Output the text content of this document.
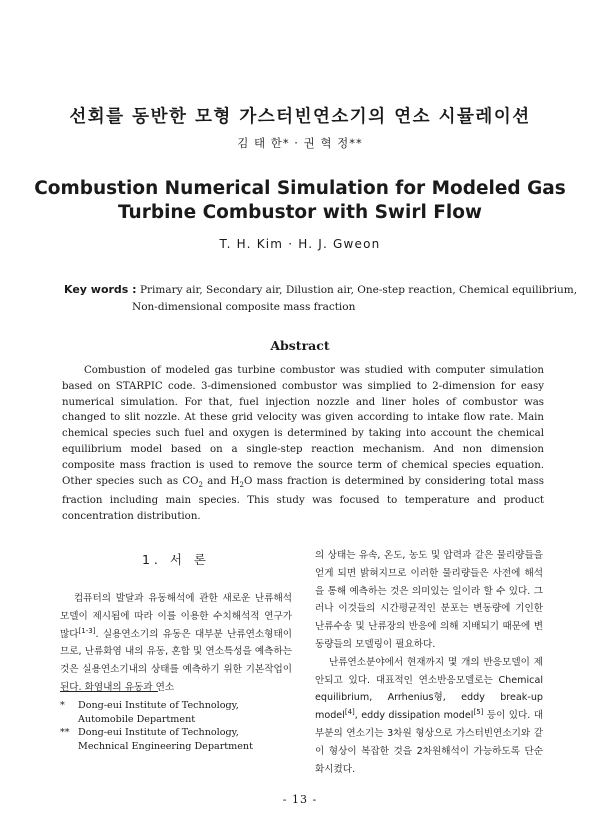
선회를 동반한 모형 가스터빈연소기의 연소 시뮬레이션
김 태 한* · 권 혁 정**
Combustion Numerical Simulation for Modeled Gas
Turbine Combustor with Swirl Flow
T. H. Kim · H. J. Gweon
Key words : Primary air, Secondary air, Dilustion air, One-step reaction, Chemical equilibrium,
Non-dimensional composite mass fraction
Abstract

Combustion of modeled gas turbine combustor was studied with computer simulation based on STARPIC code. 3-dimensioned combustor was simplied to 2-dimension for easy numerical simulation. For that, fuel injection nozzle and liner holes of combustor was changed to slit nozzle. At these grid velocity was given according to intake flow rate. Main chemical species such fuel and oxygen is determined by taking into account the chemical equilibrium model based on a single-step reaction mechanism. And non dimension composite mass fraction is used to remove the source term of chemical species equation. Other species such as $CO_2$ and $H_2O$ mass fraction is determined by considering total mass fraction including main species. This study was focused to temperature and product concentration distribution.

1. 서 론

컴퓨터의 발달과 유동해석에 관한 새로운 난류해석모델이 제시됨에 따라 이를 이용한 수치해석적 연구가 많다[1-3]. 실용연소기의 유동은 대부분 난류연소형태이므로, 난류화염 내의 유동, 혼합 및 연소특성을 예측하는 것은 실용연소기내의 상태를 예측하기 위한 기본작업이 된다. 화염내의 유동과 연소

*	Dong-eui Institute of Technology,
Automobile Department
** Dong-eui Institute of Technology,
Mechnical Engineering Department

의 상태는 유속, 온도, 농도 및 압력과 같은 물리량들을 얻게 되면 밝혀지므로 이러한 물리량들은 사전에 해석을 통해 예측하는 것은 의미있는 일이라 할 수 있다. 그러나 이것들의 시간평균적인 분포는 변동량에 기인한 난류수송 및 난류장의 반응에 의해 지배되기 때문에 변동량들의 모델링이 필요하다.

난류연소분야에서 현재까지 몇 개의 반응모델이 제안되고 있다. 대표적인 연소반응모델로는 Chemical equilibrium, Arrhenius형, eddy break-up model[4], eddy dissipation model[5] 등이 있다. 대부분의 연소기는 3차원 형상으로 가스터빈연소기와 같이 형상이 복잡한 것을 2차원해석이 가능하도록 단순화시켰다.

- 13 -
